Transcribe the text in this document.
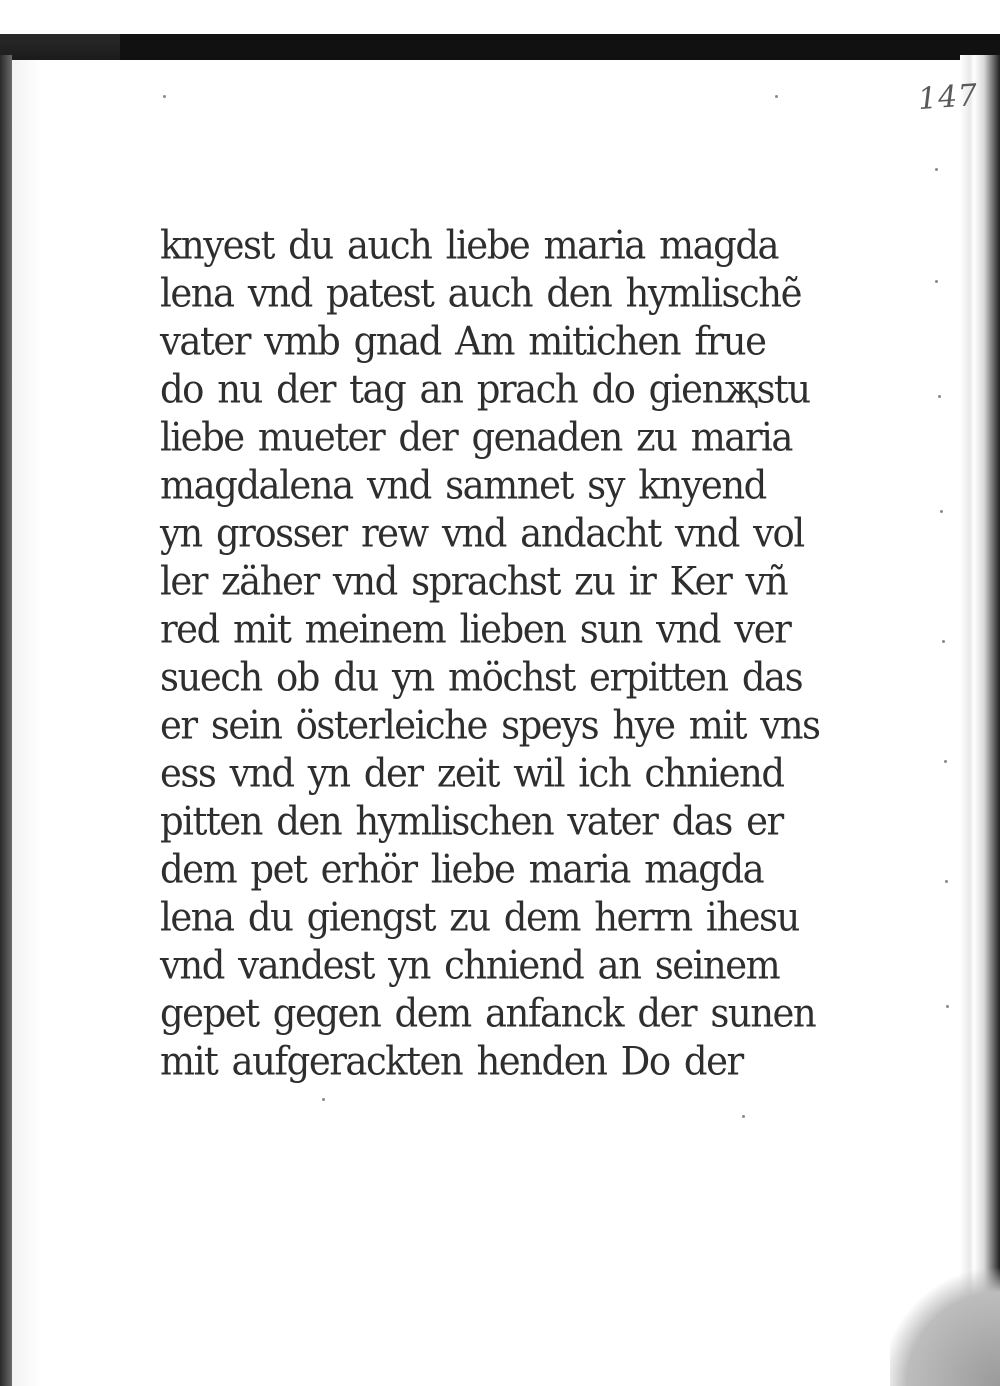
147
knyest du auch liebe maria magda
lena vnd patest auch den hymlischẽ
vater vmb gnad Am mitichen frue
do nu der tag an prach do gienҗstu
liebe mueter der genaden zu maria
magdalena vnd samnet sy knyend
yn grosser rew vnd andacht vnd vol
ler zäher vnd sprachst zu ir Ker vñ
red mit meinem lieben sun vnd ver
suech ob du yn möchst erpitten das
er sein österleiche speys hye mit vns
ess vnd yn der zeit wil ich chniend
pitten den hymlischen vater das er
dem pet erhör liebe maria magda
lena du giengst zu dem herrn ihesu
vnd vandest yn chniend an seinem
gepet gegen dem anfanck der sunen
mit aufgerackten henden Do der
